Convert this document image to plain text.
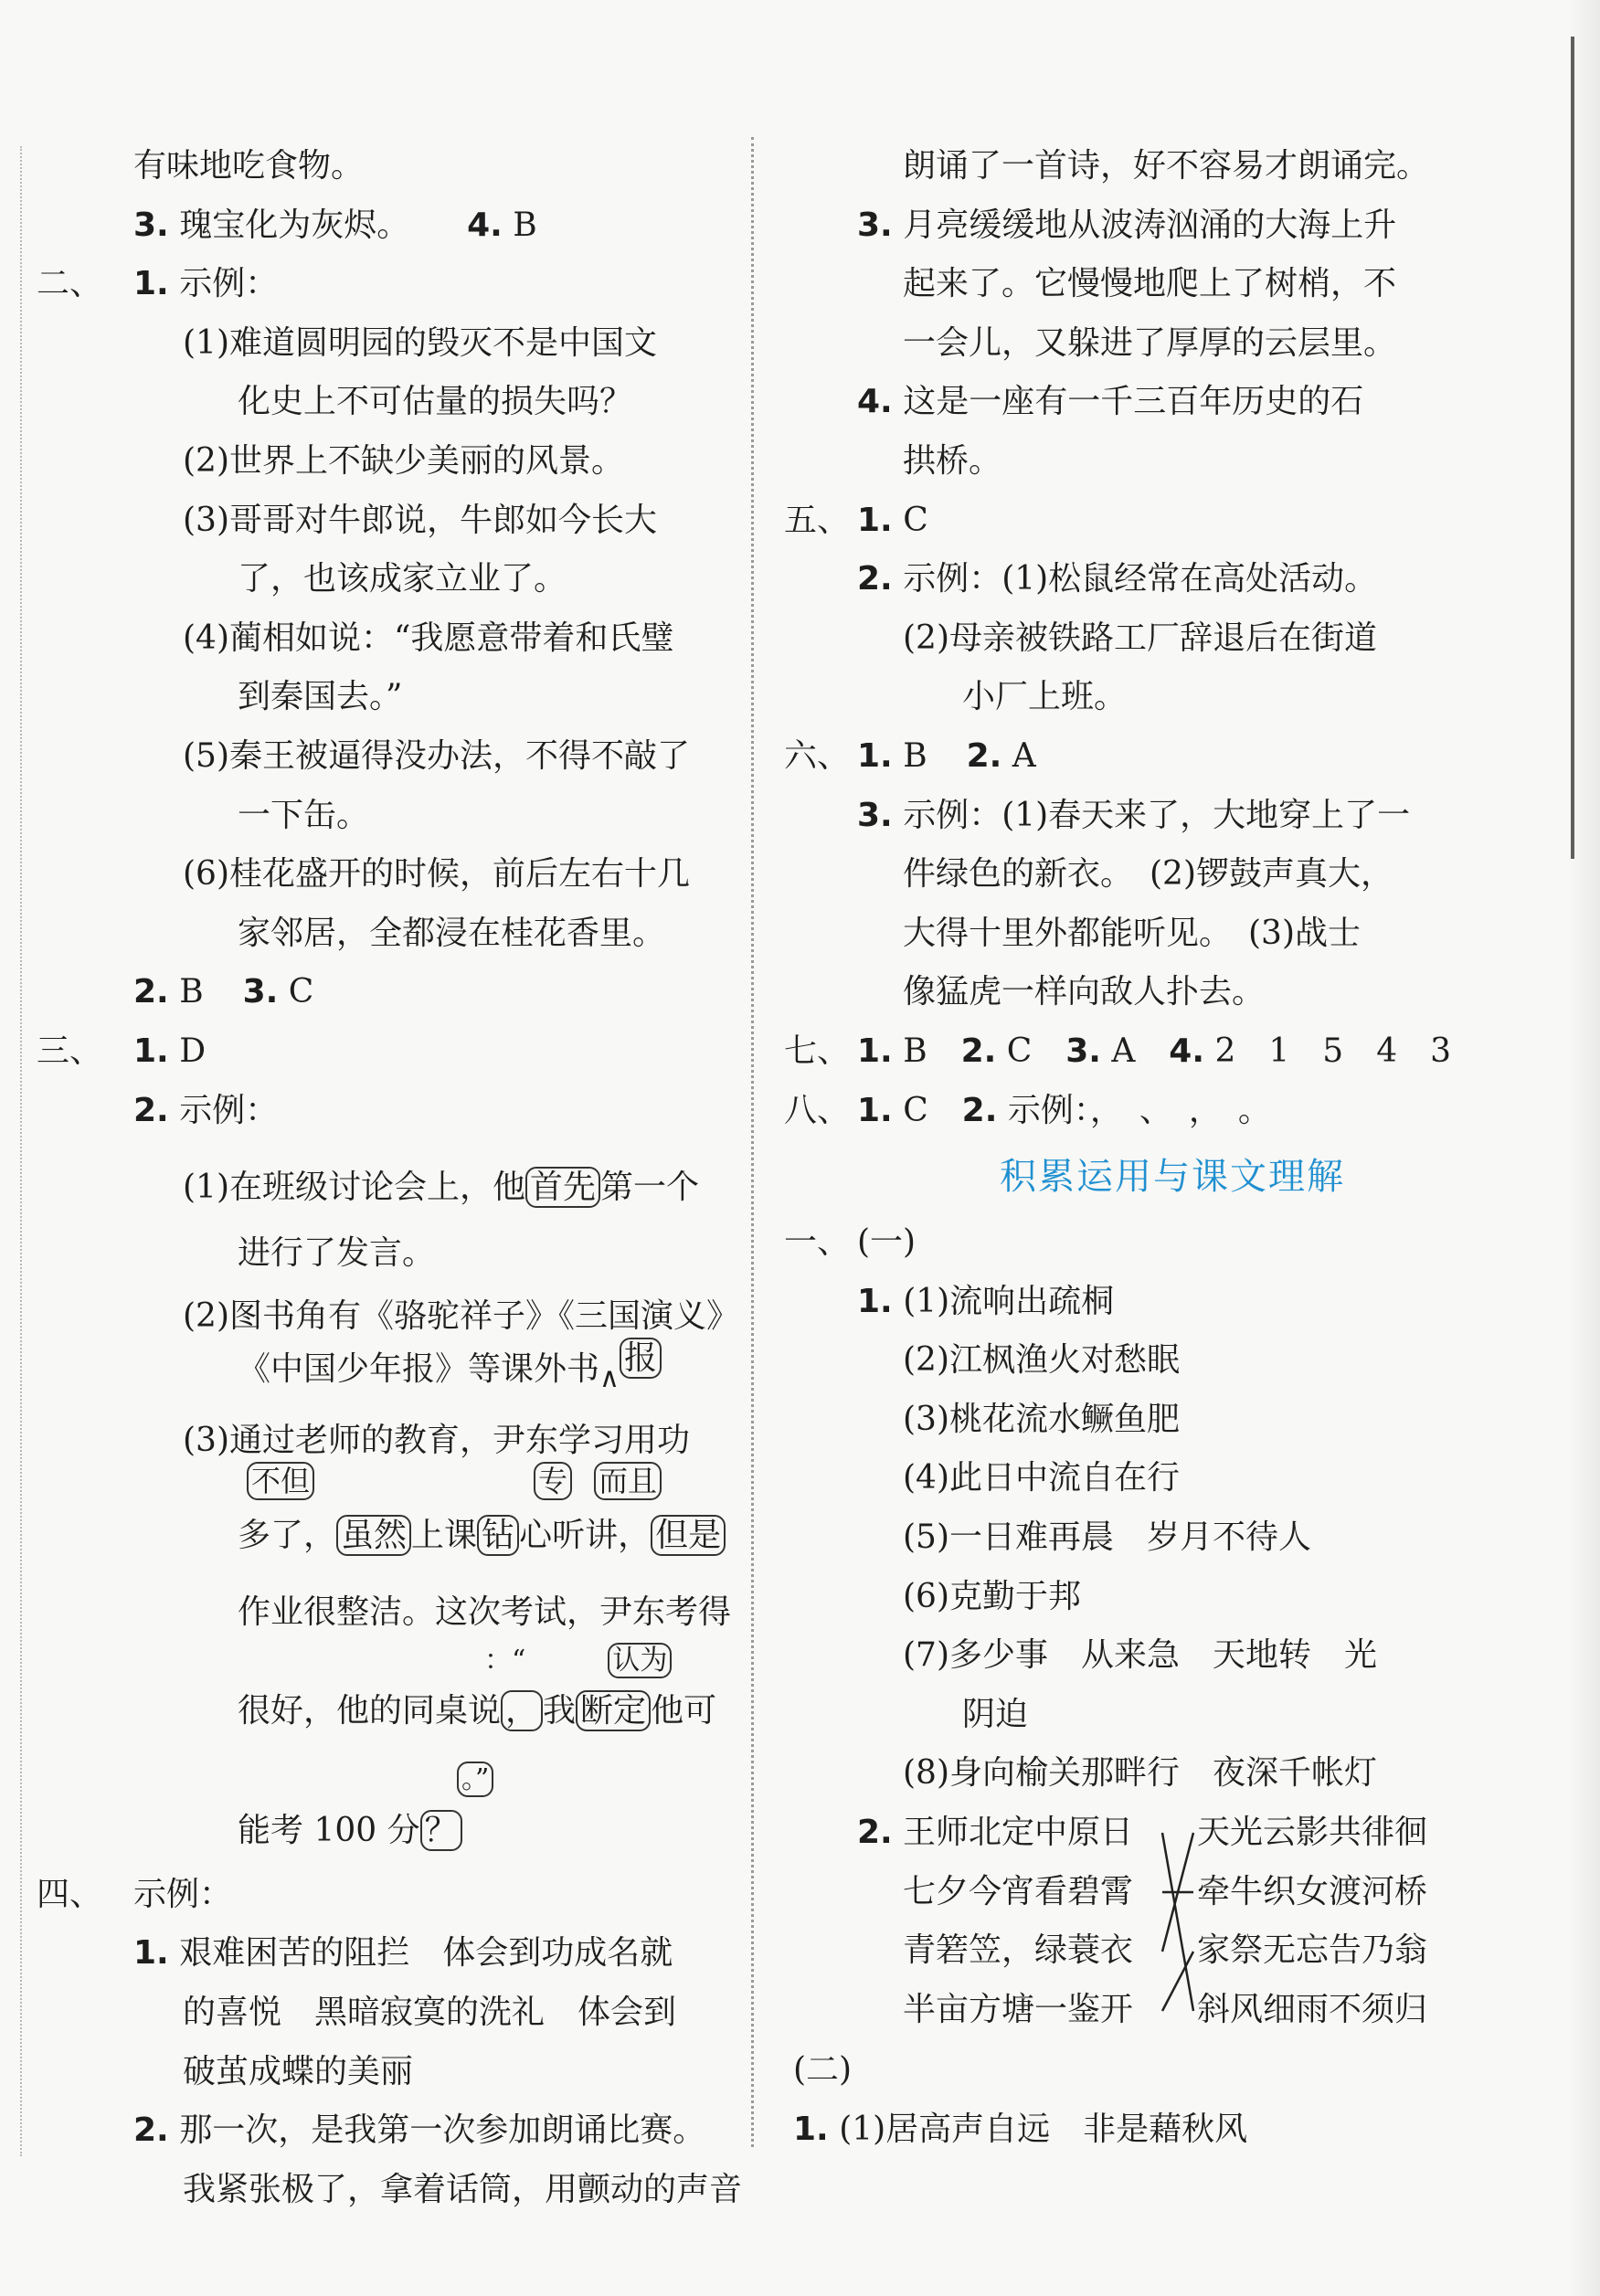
有味地吃食物。
3. 瑰宝化为灰烬。 4. B
二、 1. 示例：
(1)难道圆明园的毁灭不是中国文
化史上不可估量的损失吗？
(2)世界上不缺少美丽的风景。
(3)哥哥对牛郎说，牛郎如今长大
了，也该成家立业了。
(4)蔺相如说：“我愿意带着和氏璧
到秦国去。”
(5)秦王被逼得没办法，不得不敲了
一下缶。
(6)桂花盛开的时候，前后左右十几
家邻居，全都浸在桂花香里。
2. B 3. C
三、 1. D
2. 示例：
(1)在班级讨论会上，他 首先 第一个
进行了发言。
(2)图书角有《骆驼祥子》《三国演义》
《中国少年报》等课外书$_\wedge$报
(3)通过老师的教育，尹东学习用功
不但	专 而且
多了， 虽然 上课 钻 心听讲， 但是
作业很整洁。这次考试，尹东考得
：“	认为
很好，他的同桌说 ， 我 断定 他可
。”
能考 100 分 ？
四、 示例：
1. 艰难困苦的阻拦　体会到功成名就
的喜悦　黑暗寂寞的洗礼　体会到
破茧成蝶的美丽
2. 那一次，是我第一次参加朗诵比赛。
我紧张极了，拿着话筒，用颤动的声音
朗诵了一首诗，好不容易才朗诵完。
3. 月亮缓缓地从波涛汹涌的大海上升
起来了。它慢慢地爬上了树梢，不
一会儿，又躲进了厚厚的云层里。
4. 这是一座有一千三百年历史的石
拱桥。
五、 1. C
2. 示例：(1)松鼠经常在高处活动。
(2)母亲被铁路工厂辞退后在街道
小厂上班。
六、 1. B 2. A
3. 示例：(1)春天来了，大地穿上了一
件绿色的新衣。　(2)锣鼓声真大，
大得十里外都能听见。　(3)战士
像猛虎一样向敌人扑去。
七、 1. B 2. C 3. A 4. 2　1　5　4　3
八、 1. C 2. 示例：，　、　，　。
积累运用与课文理解
一、 (一)
1. (1)流响出疏桐
(2)江枫渔火对愁眠
(3)桃花流水鳜鱼肥
(4)此日中流自在行
(5)一日难再晨　岁月不待人
(6)克勤于邦
(7)多少事　从来急　天地转　光
阴迫
(8)身向榆关那畔行　夜深千帐灯
2. 王师北定中原日
七夕今宵看碧霄
青箬笠，绿蓑衣
半亩方塘一鉴开
天光云影共徘徊
牵牛织女渡河桥
家祭无忘告乃翁
斜风细雨不须归
(二)
1. (1)居高声自远　非是藉秋风
